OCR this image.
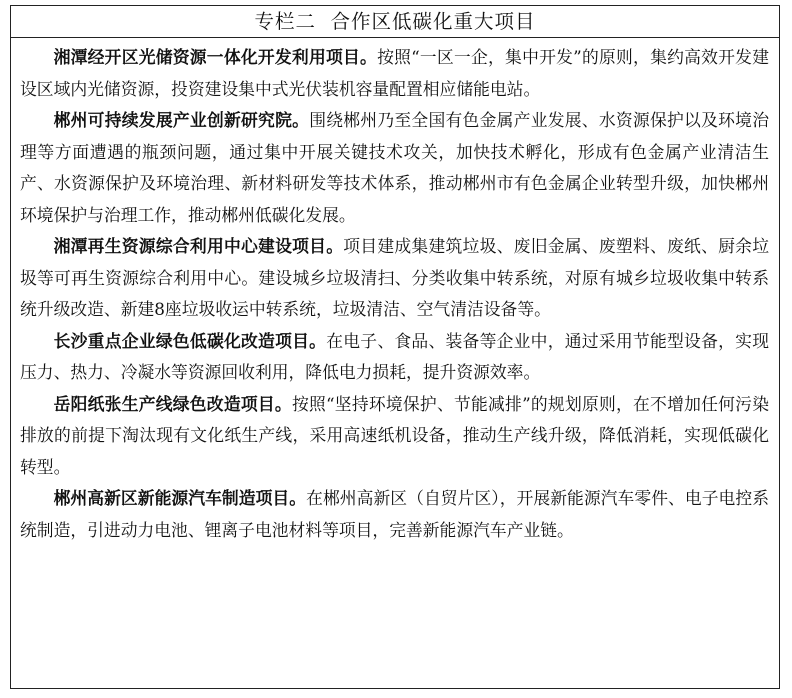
专栏二  合作区低碳化重大项目

湘潭经开区光储资源一体化开发利用项目。按照“一区一企，集中开发”的原则，集约高效开发建设区域内光储资源，投资建设集中式光伏装机容量配置相应储能电站。

郴州可持续发展产业创新研究院。围绕郴州乃至全国有色金属产业发展、水资源保护以及环境治理等方面遭遇的瓶颈问题，通过集中开展关键技术攻关，加快技术孵化，形成有色金属产业清洁生产、水资源保护及环境治理、新材料研发等技术体系，推动郴州市有色金属企业转型升级，加快郴州环境保护与治理工作，推动郴州低碳化发展。

湘潭再生资源综合利用中心建设项目。项目建成集建筑垃圾、废旧金属、废塑料、废纸、厨余垃圾等可再生资源综合利用中心。建设城乡垃圾清扫、分类收集中转系统，对原有城乡垃圾收集中转系统升级改造、新建8座垃圾收运中转系统，垃圾清洁、空气清洁设备等。

长沙重点企业绿色低碳化改造项目。在电子、食品、装备等企业中，通过采用节能型设备，实现压力、热力、冷凝水等资源回收利用，降低电力损耗，提升资源效率。

岳阳纸张生产线绿色改造项目。按照“坚持环境保护、节能减排”的规划原则，在不增加任何污染排放的前提下淘汰现有文化纸生产线，采用高速纸机设备，推动生产线升级，降低消耗，实现低碳化转型。

郴州高新区新能源汽车制造项目。在郴州高新区（自贸片区），开展新能源汽车零件、电子电控系统制造，引进动力电池、锂离子电池材料等项目，完善新能源汽车产业链。
